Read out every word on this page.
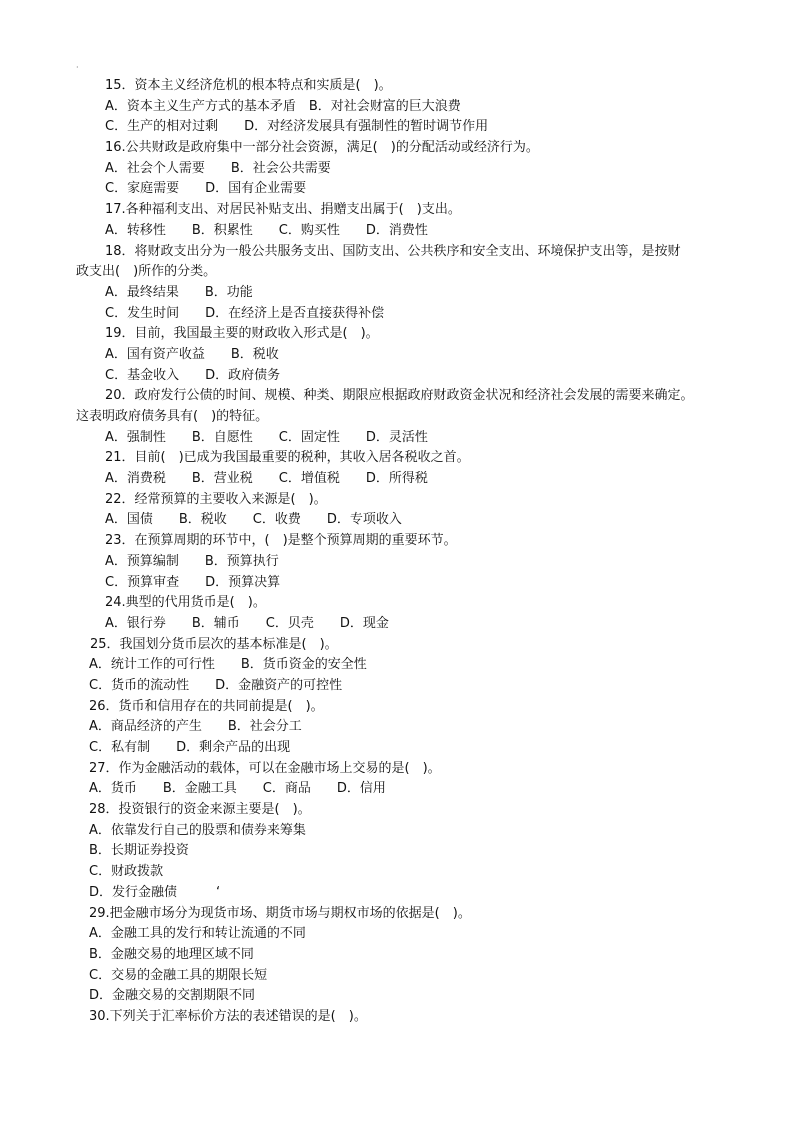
·
15．资本主义经济危机的根本特点和实质是(　)。
A．资本主义生产方式的基本矛盾　B．对社会财富的巨大浪费
C．生产的相对过剩　　D．对经济发展具有强制性的暂时调节作用
16.公共财政是政府集中一部分社会资源，满足(　)的分配活动或经济行为。
A．社会个人需要　　B．社会公共需要
C．家庭需要　　D．国有企业需要
17.各种福利支出、对居民补贴支出、捐赠支出属于(　)支出。
A．转移性　　B．积累性　　C．购买性　　D．消费性
18．将财政支出分为一般公共服务支出、国防支出、公共秩序和安全支出、环境保护支出等，是按财
政支出(　)所作的分类。
A．最终结果　　B．功能
C．发生时间　　D．在经济上是否直接获得补偿
19．目前，我国最主要的财政收入形式是(　)。
A．国有资产收益　　B．税收
C．基金收入　　D．政府债务
20．政府发行公债的时间、规模、种类、期限应根据政府财政资金状况和经济社会发展的需要来确定。
这表明政府债务具有(　)的特征。
A．强制性　　B．自愿性　　C．固定性　　D．灵活性
21．目前(　)已成为我国最重要的税种，其收入居各税收之首。
A．消费税　　B．营业税　　C．增值税　　D．所得税
22．经常预算的主要收入来源是(　)。
A．国债　　B．税收　　C．收费　　D．专项收入
23．在预算周期的环节中，(　)是整个预算周期的重要环节。
A．预算编制　　B．预算执行
C．预算审查　　D．预算决算
24.典型的代用货币是(　)。
A．银行券　　B．辅币　　C．贝壳　　D．现金
25．我国划分货币层次的基本标准是(　)。
A．统计工作的可行性　　B．货币资金的安全性
C．货币的流动性　　D．金融资产的可控性
26．货币和信用存在的共同前提是(　)。
A．商品经济的产生　　B．社会分工
C．私有制　　D．剩余产品的出现
27．作为金融活动的载体，可以在金融市场上交易的是(　)。
A．货币　　B．金融工具　　C．商品　　D．信用
28．投资银行的资金来源主要是(　)。
A．依靠发行自己的股票和债券来筹集
B．长期证券投资
C．财政拨款
D．发行金融债　　　‘
29.把金融市场分为现货市场、期货市场与期权市场的依据是(　)。
A．金融工具的发行和转让流通的不同
B．金融交易的地理区域不同
C．交易的金融工具的期限长短
D．金融交易的交割期限不同
30.下列关于汇率标价方法的表述错误的是(　)。
